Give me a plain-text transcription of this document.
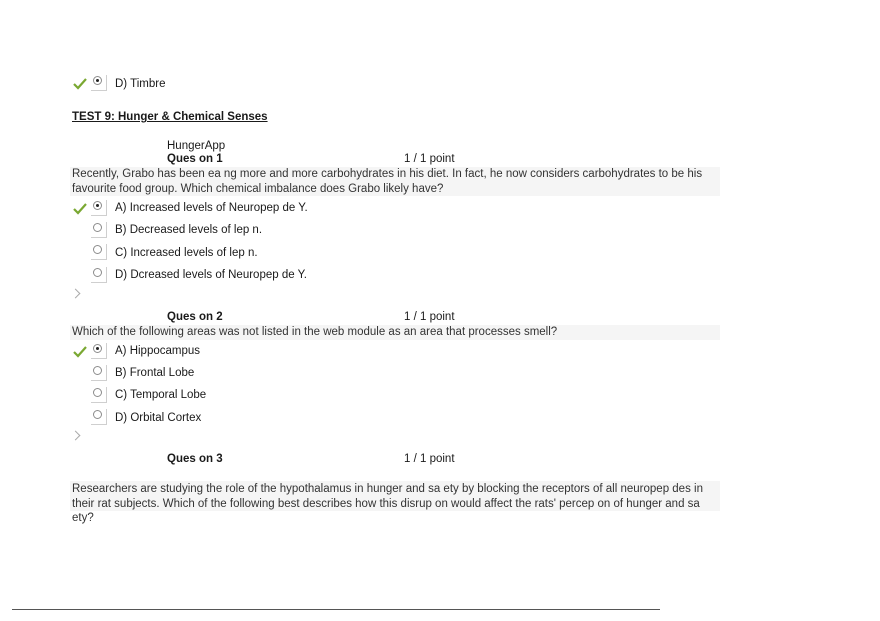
D) Timbre
TEST 9: Hunger & Chemical Senses
HungerApp
Ques on 1	1 / 1 point
Recently, Grabo has been ea ng more and more carbohydrates in his diet. In fact, he now considers carbohydrates to be his favourite food group. Which chemical imbalance does Grabo likely have?
A) Increased levels of Neuropep de Y.
B) Decreased levels of lep n.
C) Increased levels of lep n.
D) Dcreased levels of Neuropep de Y.
Ques on 2	1 / 1 point
Which of the following areas was not listed in the web module as an area that processes smell?
A) Hippocampus
B) Frontal Lobe
C) Temporal Lobe
D) Orbital Cortex
Ques on 3	1 / 1 point
Researchers are studying the role of the hypothalamus in hunger and sa ety by blocking the receptors of all neuropep des in their rat subjects. Which of the following best describes how this disrup on would affect the rats' percep on of hunger and sa ety?
